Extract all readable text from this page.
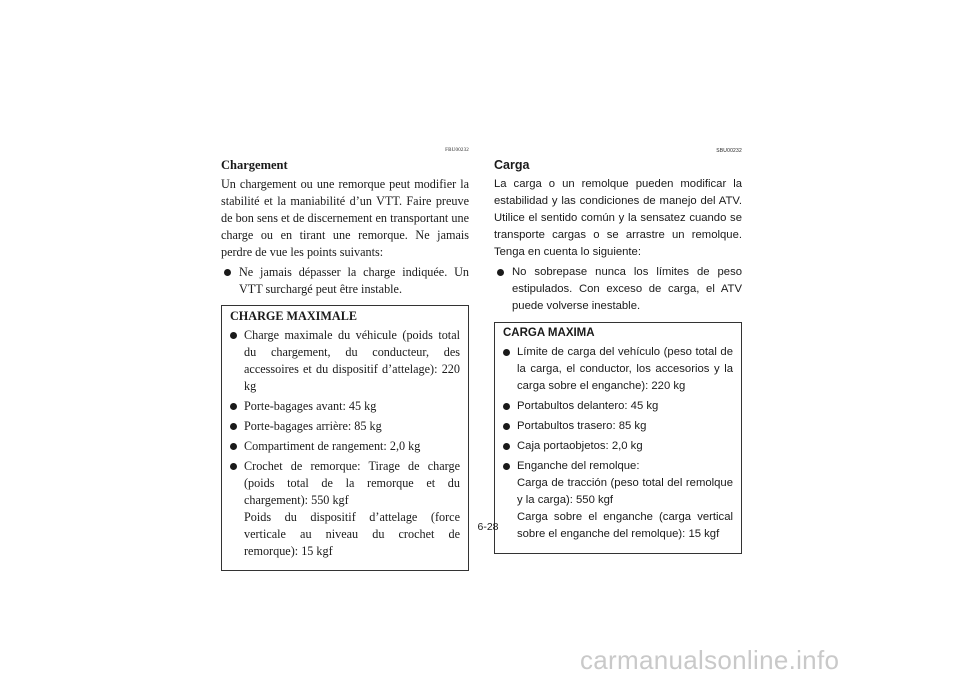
FBU00232
Chargement

Un chargement ou une remorque peut modifier la stabilité et la maniabilité d’un VTT. Faire preuve de bon sens et de discernement en transportant une charge ou en tirant une remorque. Ne jamais perdre de vue les points suivants:

Ne jamais dépasser la charge indiquée. Un VTT surchargé peut être instable.
CHARGE MAXIMALE
Charge maximale du véhicule (poids total du chargement, du conducteur, des accessoires et du dispositif d’attelage): 220 kg
Porte-bagages avant: 45 kg
Porte-bagages arrière: 85 kg
Compartiment de rangement: 2,0 kg
Crochet de remorque: Tirage de charge (poids total de la remorque et du chargement): 550 kgf
Poids du dispositif d’attelage (force verticale au niveau du crochet de remorque): 15 kgf
SBU00232
Carga

La carga o un remolque pueden modificar la estabilidad y las condiciones de manejo del ATV. Utilice el sentido común y la sensatez cuando se transporte cargas o se arrastre un remolque. Tenga en cuenta lo siguiente:

No sobrepase nunca los límites de peso estipulados. Con exceso de carga, el ATV puede volverse inestable.
CARGA MAXIMA
Límite de carga del vehículo (peso total de la carga, el conductor, los accesorios y la carga sobre el enganche): 220 kg
Portabultos delantero: 45 kg
Portabultos trasero: 85 kg
Caja portaobjetos: 2,0 kg
Enganche del remolque:
Carga de tracción (peso total del remolque y la carga): 550 kgf
Carga sobre el enganche (carga vertical sobre el enganche del remolque): 15 kgf
6-28
carmanualsonline.info
